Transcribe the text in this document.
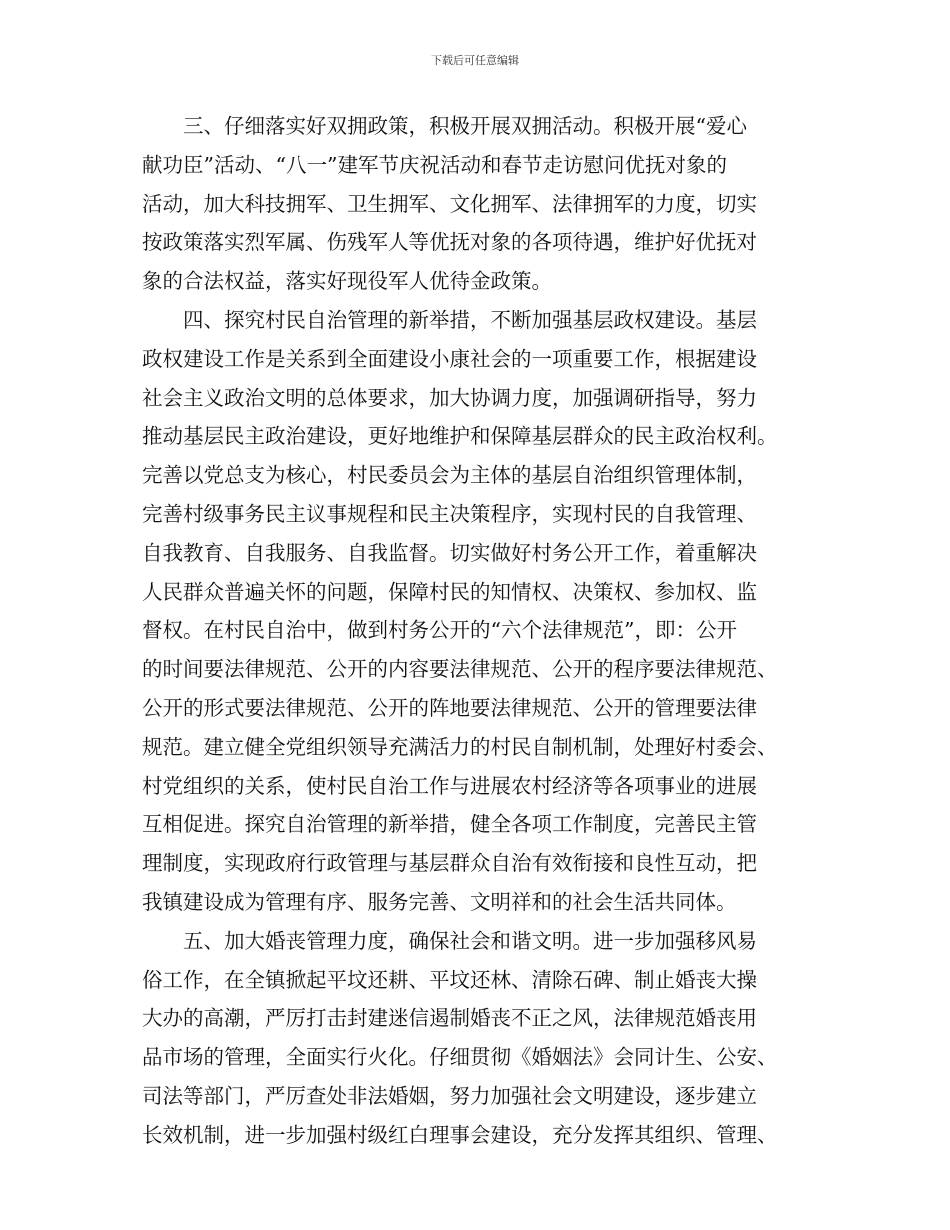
下载后可任意编辑
三、仔细落实好双拥政策，积极开展双拥活动。积极开展“爱心
献功臣”活动、“八一”建军节庆祝活动和春节走访慰问优抚对象的
活动，加大科技拥军、卫生拥军、文化拥军、法律拥军的力度，切实
按政策落实烈军属、伤残军人等优抚对象的各项待遇，维护好优抚对
象的合法权益，落实好现役军人优待金政策。
四、探究村民自治管理的新举措，不断加强基层政权建设。基层
政权建设工作是关系到全面建设小康社会的一项重要工作，根据建设
社会主义政治文明的总体要求，加大协调力度，加强调研指导，努力
推动基层民主政治建设，更好地维护和保障基层群众的民主政治权利。
完善以党总支为核心，村民委员会为主体的基层自治组织管理体制，
完善村级事务民主议事规程和民主决策程序，实现村民的自我管理、
自我教育、自我服务、自我监督。切实做好村务公开工作，着重解决
人民群众普遍关怀的问题，保障村民的知情权、决策权、参加权、监
督权。在村民自治中，做到村务公开的“六个法律规范”，即：公开
的时间要法律规范、公开的内容要法律规范、公开的程序要法律规范、
公开的形式要法律规范、公开的阵地要法律规范、公开的管理要法律
规范。建立健全党组织领导充满活力的村民自制机制，处理好村委会、
村党组织的关系，使村民自治工作与进展农村经济等各项事业的进展
互相促进。探究自治管理的新举措，健全各项工作制度，完善民主管
理制度，实现政府行政管理与基层群众自治有效衔接和良性互动，把
我镇建设成为管理有序、服务完善、文明祥和的社会生活共同体。
五、加大婚丧管理力度，确保社会和谐文明。进一步加强移风易
俗工作，在全镇掀起平坟还耕、平坟还林、清除石碑、制止婚丧大操
大办的高潮，严厉打击封建迷信遏制婚丧不正之风，法律规范婚丧用
品市场的管理，全面实行火化。仔细贯彻《婚姻法》会同计生、公安、
司法等部门，严厉查处非法婚姻，努力加强社会文明建设，逐步建立
长效机制，进一步加强村级红白理事会建设，充分发挥其组织、管理、
